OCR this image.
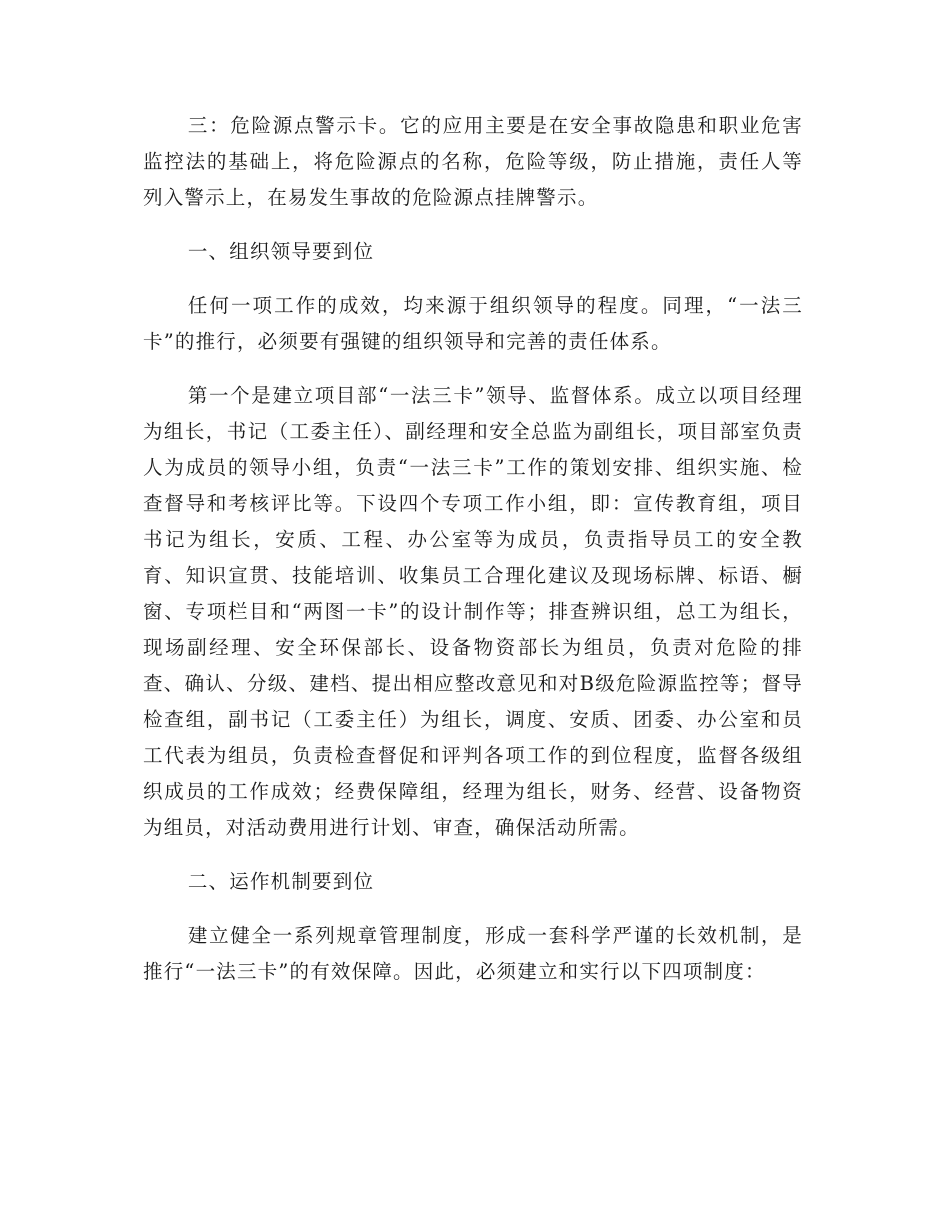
三：危险源点警示卡。它的应用主要是在安全事故隐患和职业危害监控法的基础上，将危险源点的名称，危险等级，防止措施，责任人等列入警示上，在易发生事故的危险源点挂牌警示。

一、组织领导要到位

任何一项工作的成效，均来源于组织领导的程度。同理，“一法三卡”的推行，必须要有强键的组织领导和完善的责任体系。

第一个是建立项目部“一法三卡”领导、监督体系。成立以项目经理为组长，书记（工委主任）、副经理和安全总监为副组长，项目部室负责人为成员的领导小组，负责“一法三卡”工作的策划安排、组织实施、检查督导和考核评比等。下设四个专项工作小组，即：宣传教育组，项目书记为组长，安质、工程、办公室等为成员，负责指导员工的安全教育、知识宣贯、技能培训、收集员工合理化建议及现场标牌、标语、橱窗、专项栏目和“两图一卡”的设计制作等；排查辨识组，总工为组长，现场副经理、安全环保部长、设备物资部长为组员，负责对危险的排查、确认、分级、建档、提出相应整改意见和对B级危险源监控等；督导检查组，副书记（工委主任）为组长，调度、安质、团委、办公室和员工代表为组员，负责检查督促和评判各项工作的到位程度，监督各级组织成员的工作成效；经费保障组，经理为组长，财务、经营、设备物资为组员，对活动费用进行计划、审查，确保活动所需。

二、运作机制要到位

建立健全一系列规章管理制度，形成一套科学严谨的长效机制，是推行“一法三卡”的有效保障。因此，必须建立和实行以下四项制度：
